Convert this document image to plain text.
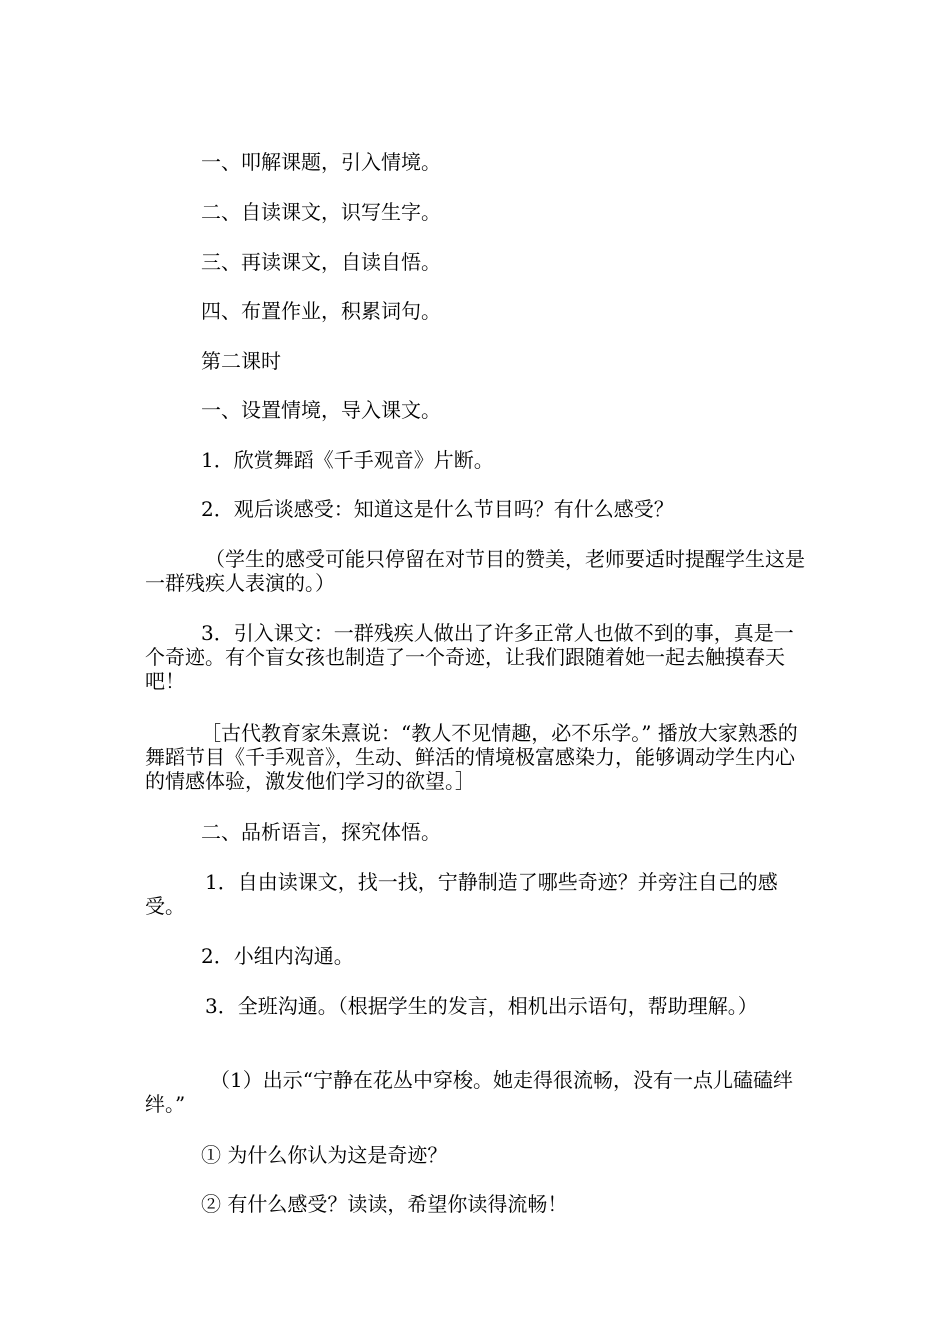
一、叩解课题，引入情境。
二、自读课文，识写生字。
三、再读课文，自读自悟。
四、布置作业，积累词句。
第二课时
一、设置情境，导入课文。
1．欣赏舞蹈《千手观音》片断。
2．观后谈感受：知道这是什么节目吗？有什么感受？
（学生的感受可能只停留在对节目的赞美，老师要适时提醒学生这是一群残疾人表演的。）
3．引入课文：一群残疾人做出了许多正常人也做不到的事，真是一个奇迹。有个盲女孩也制造了一个奇迹，让我们跟随着她一起去触摸春天吧！
［古代教育家朱熹说：“教人不见情趣，必不乐学。” 播放大家熟悉的舞蹈节目《千手观音》，生动、鲜活的情境极富感染力，能够调动学生内心的情感体验，激发他们学习的欲望。］
二、品析语言，探究体悟。
1．自由读课文，找一找，宁静制造了哪些奇迹？并旁注自己的感受。
2．小组内沟通。
3．全班沟通。（根据学生的发言，相机出示语句，帮助理解。）
（1）出示“宁静在花丛中穿梭。她走得很流畅，没有一点儿磕磕绊绊。”
① 为什么你认为这是奇迹？
② 有什么感受？读读，希望你读得流畅！
